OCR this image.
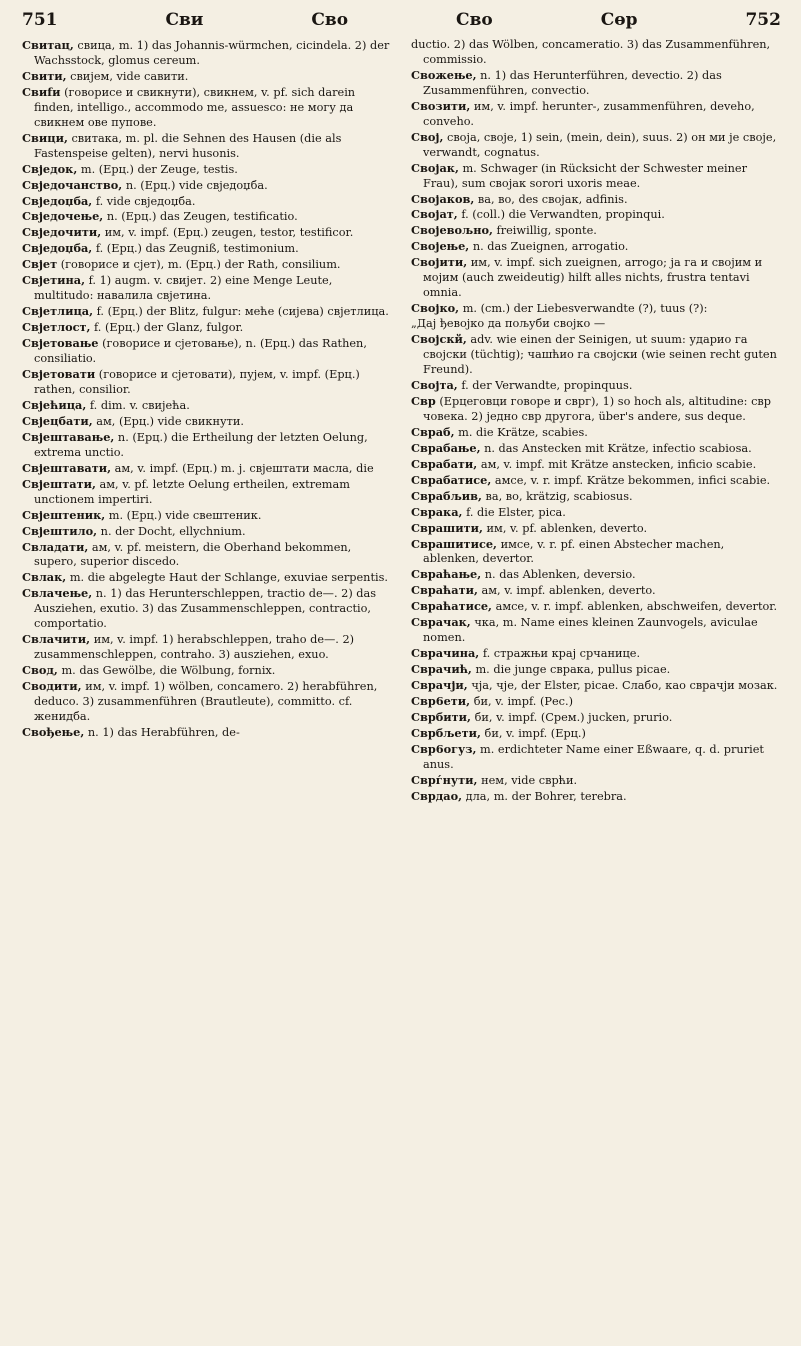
751	Сви	Сво	Сво	Сөр	752

Свитац, свица, m. 1) das Johannis-würmchen, cicindela. 2) der Wachsstock, glomus cereum.

Свити, свијем, vide савити.

Свиfи (говорисе и свикнути), свикнем, v. pf. sich darein finden, intelligo., accommodo me, assuesco: не могу да свикнем ове пупове.

Свици, свитака, m. pl. die Sehnen des Hausen (die als Fastenspeise gelten), nervi husonis.

Свједок, m. (Ерц.) der Zeuge, testis.

Свједочанство, n. (Ерц.) vide свједоџба.

Свједоџба, f. vide свједоџба.

Свједочење, n. (Ерц.) das Zeugen, testificatio.

Свједочити, им, v. impf. (Ерц.) zeugen, testor, testificor.

Свједоџба, f. (Ерц.) das Zeugniß, testimonium.

Свјет (говорисе и сјет), m. (Ерц.) der Rath, consilium.

Свјетина, f. 1) augm. v. свијет. 2) eine Menge Leute, multitudo: навалила свјетина.

Свјетлица, f. (Ерц.) der Blitz, fulgur: меће (сијева) свјетлица.

Свјетлост, f. (Ерц.) der Glanz, fulgor.

Свјетовање (говорисе и сјетовање), n. (Ерц.) das Rathen, consiliatio.

Свјетовати (говорисе и сјетовати), пујем, v. impf. (Ерц.) rathen, consilior.

Свјећица, f. dim. v. свијећа.

Свјецбати, ам, (Ерц.) vide свикнути.

Свјештавање, n. (Ерц.) die Ertheilung der letzten Oelung, extrema unctio.

Свјештавати, ам, v. impf. (Ерц.) m. j. свјештати масла, die

Свјештати, ам, v. pf. letzte Oelung ertheilen, extremam unctionem impertiri.

Свјештеник, m. (Ерц.) vide свештеник.

Свјештило, n. der Docht, ellychnium.

Свладати, ам, v. pf. meistern, die Oberhand bekommen, supero, superior discedo.

Свлак, m. die abgelegte Haut der Schlange, exuviae serpentis.

Свлачење, n. 1) das Herunterschleppen, tractio de—. 2) das Ausziehen, exutio. 3) das Zusammenschleppen, contractio, comportatio.

Свлачити, им, v. impf. 1) herabschleppen, traho de—. 2) zusammenschleppen, contraho. 3) ausziehen, exuo.

Свод, m. das Gewölbe, die Wölbung, fornix.

Сводити, им, v. impf. 1) wölben, concamero. 2) herabführen, deduco. 3) zusammenführen (Brautleute), committo. cf. женидба.

Свођење, n. 1) das Herabführen, de-

ductio. 2) das Wölben, concameratio. 3) das Zusammenführen, commissio.

Свожење, n. 1) das Herunterführen, devectio. 2) das Zusammenführen, convectio.

Свозити, им, v. impf. herunter-, zusammenführen, deveho, conveho.

Свој, своја, своје, 1) sein, (mein, dein), suus. 2) он ми је своје, verwandt, cognatus.

Својак, m. Schwager (in Rücksicht der Schwester meiner Frau), sum својак sorori uxoris meae.

Својаков, ва, во, des својак, adfinis.

Својат, f. (coll.) die Verwandten, propinqui.

Својевољно, freiwillig, sponte.

Својење, n. das Zueignen, arrogatio.

Својити, им, v. impf. sich zueignen, arrogo; ја га и својим и мојим (auch zweideutig) hilft alles nichts, frustra tentavi omnia.

Својко, m. (cm.) der Liebesverwandte (?), tuus (?):

„Дај ђевојко да пољуби својко —

Својскй, adv. wie einen der Seinigen, ut suum: ударио га својски (tüchtig); чашћио га својски (wie seinen recht guten Freund).

Својта, f. der Verwandte, propinquus.

Свр (Ерцеговци говоре и сврг), 1) so hoch als, altitudine: свр човека. 2) једно свр другога, über's andere, sus deque.

Свраб, m. die Krätze, scabies.

Сврабање, n. das Anstecken mit Krätze, infectio scabiosa.

Сврабати, ам, v. impf. mit Krätze anstecken, inficio scabie.

Сврабатисе, амсе, v. r. impf. Krätze bekommen, infici scabie.

Сврабљив, ва, во, krätzig, scabiosus.

Сврака, f. die Elster, pica.

Сврашити, им, v. pf. ablenken, deverto.

Сврашитисе, имсе, v. r. pf. einen Abstecher machen, ablenken, devertor.

Сврaћање, n. das Ablenken, deversio.

Сврaћати, ам, v. impf. ablenken, deverto.

Сврaћатисе, амсе, v. r. impf. ablenken, abschweifen, devertor.

Сврачак, чка, m. Name eines kleinen Zaunvogels, aviculae nomen.

Сврачина, f. стражњи крај срчанице.

Сврачић, m. die junge сврака, pullus picae.

Сврачји, чја, чје, der Elster, picae. Слабо, као сврачји мозак.

Свр6ети, би, v. impf. (Рес.)

Сврбити, би, v. impf. (Срем.) jucken, prurio.

Сврбљети, би, v. impf. (Ерц.)

Свр6огуз, m. erdichteter Name einer Eßwaare, q. d. pruriet anus.

Сврѓнути, нем, vide сврћи.

Сврдао, дла, m. der Bohrer, terebra.
